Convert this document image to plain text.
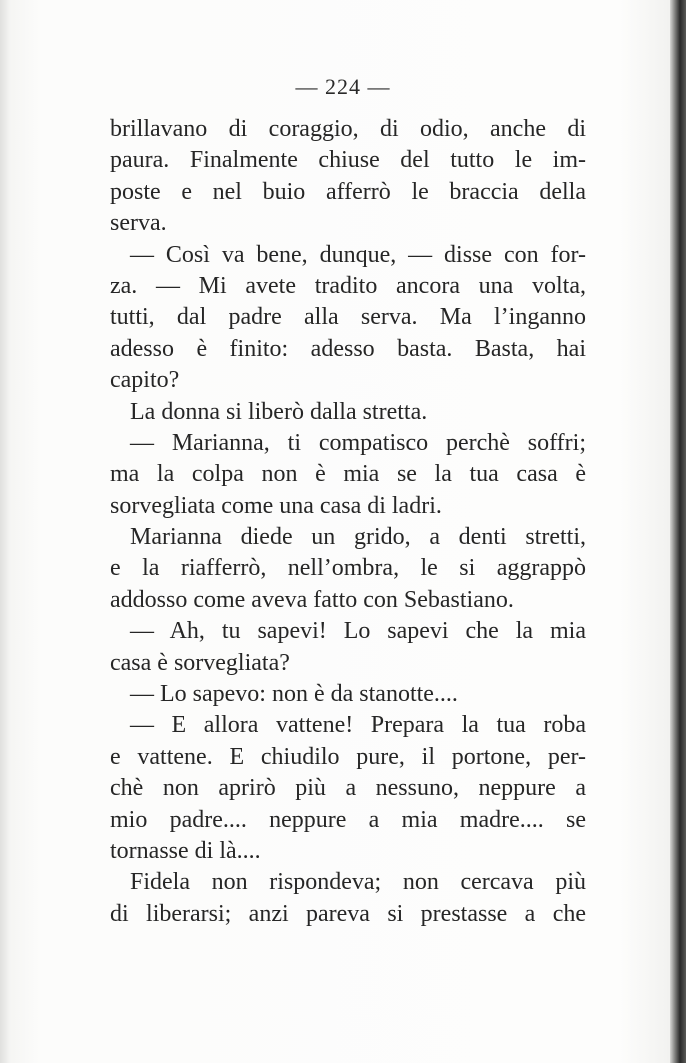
— 224 —
brillavano di coraggio, di odio, anche di
paura. Finalmente chiuse del tutto le im-
poste e nel buio afferrò le braccia della
serva.
— Così va bene, dunque, — disse con for-
za. — Mi avete tradito ancora una volta,
tutti, dal padre alla serva. Ma l’inganno
adesso è finito: adesso basta. Basta, hai
capito?
La donna si liberò dalla stretta.
— Marianna, ti compatisco perchè soffri;
ma la colpa non è mia se la tua casa è
sorvegliata come una casa di ladri.
Marianna diede un grido, a denti stretti,
e la riafferrò, nell’ombra, le si aggrappò
addosso come aveva fatto con Sebastiano.
— Ah, tu sapevi! Lo sapevi che la mia
casa è sorvegliata?
— Lo sapevo: non è da stanotte....
— E allora vattene! Prepara la tua roba
e vattene. E chiudilo pure, il portone, per-
chè non aprirò più a nessuno, neppure a
mio padre.... neppure a mia madre.... se
tornasse di là....
Fidela non rispondeva; non cercava più
di liberarsi; anzi pareva si prestasse a che
